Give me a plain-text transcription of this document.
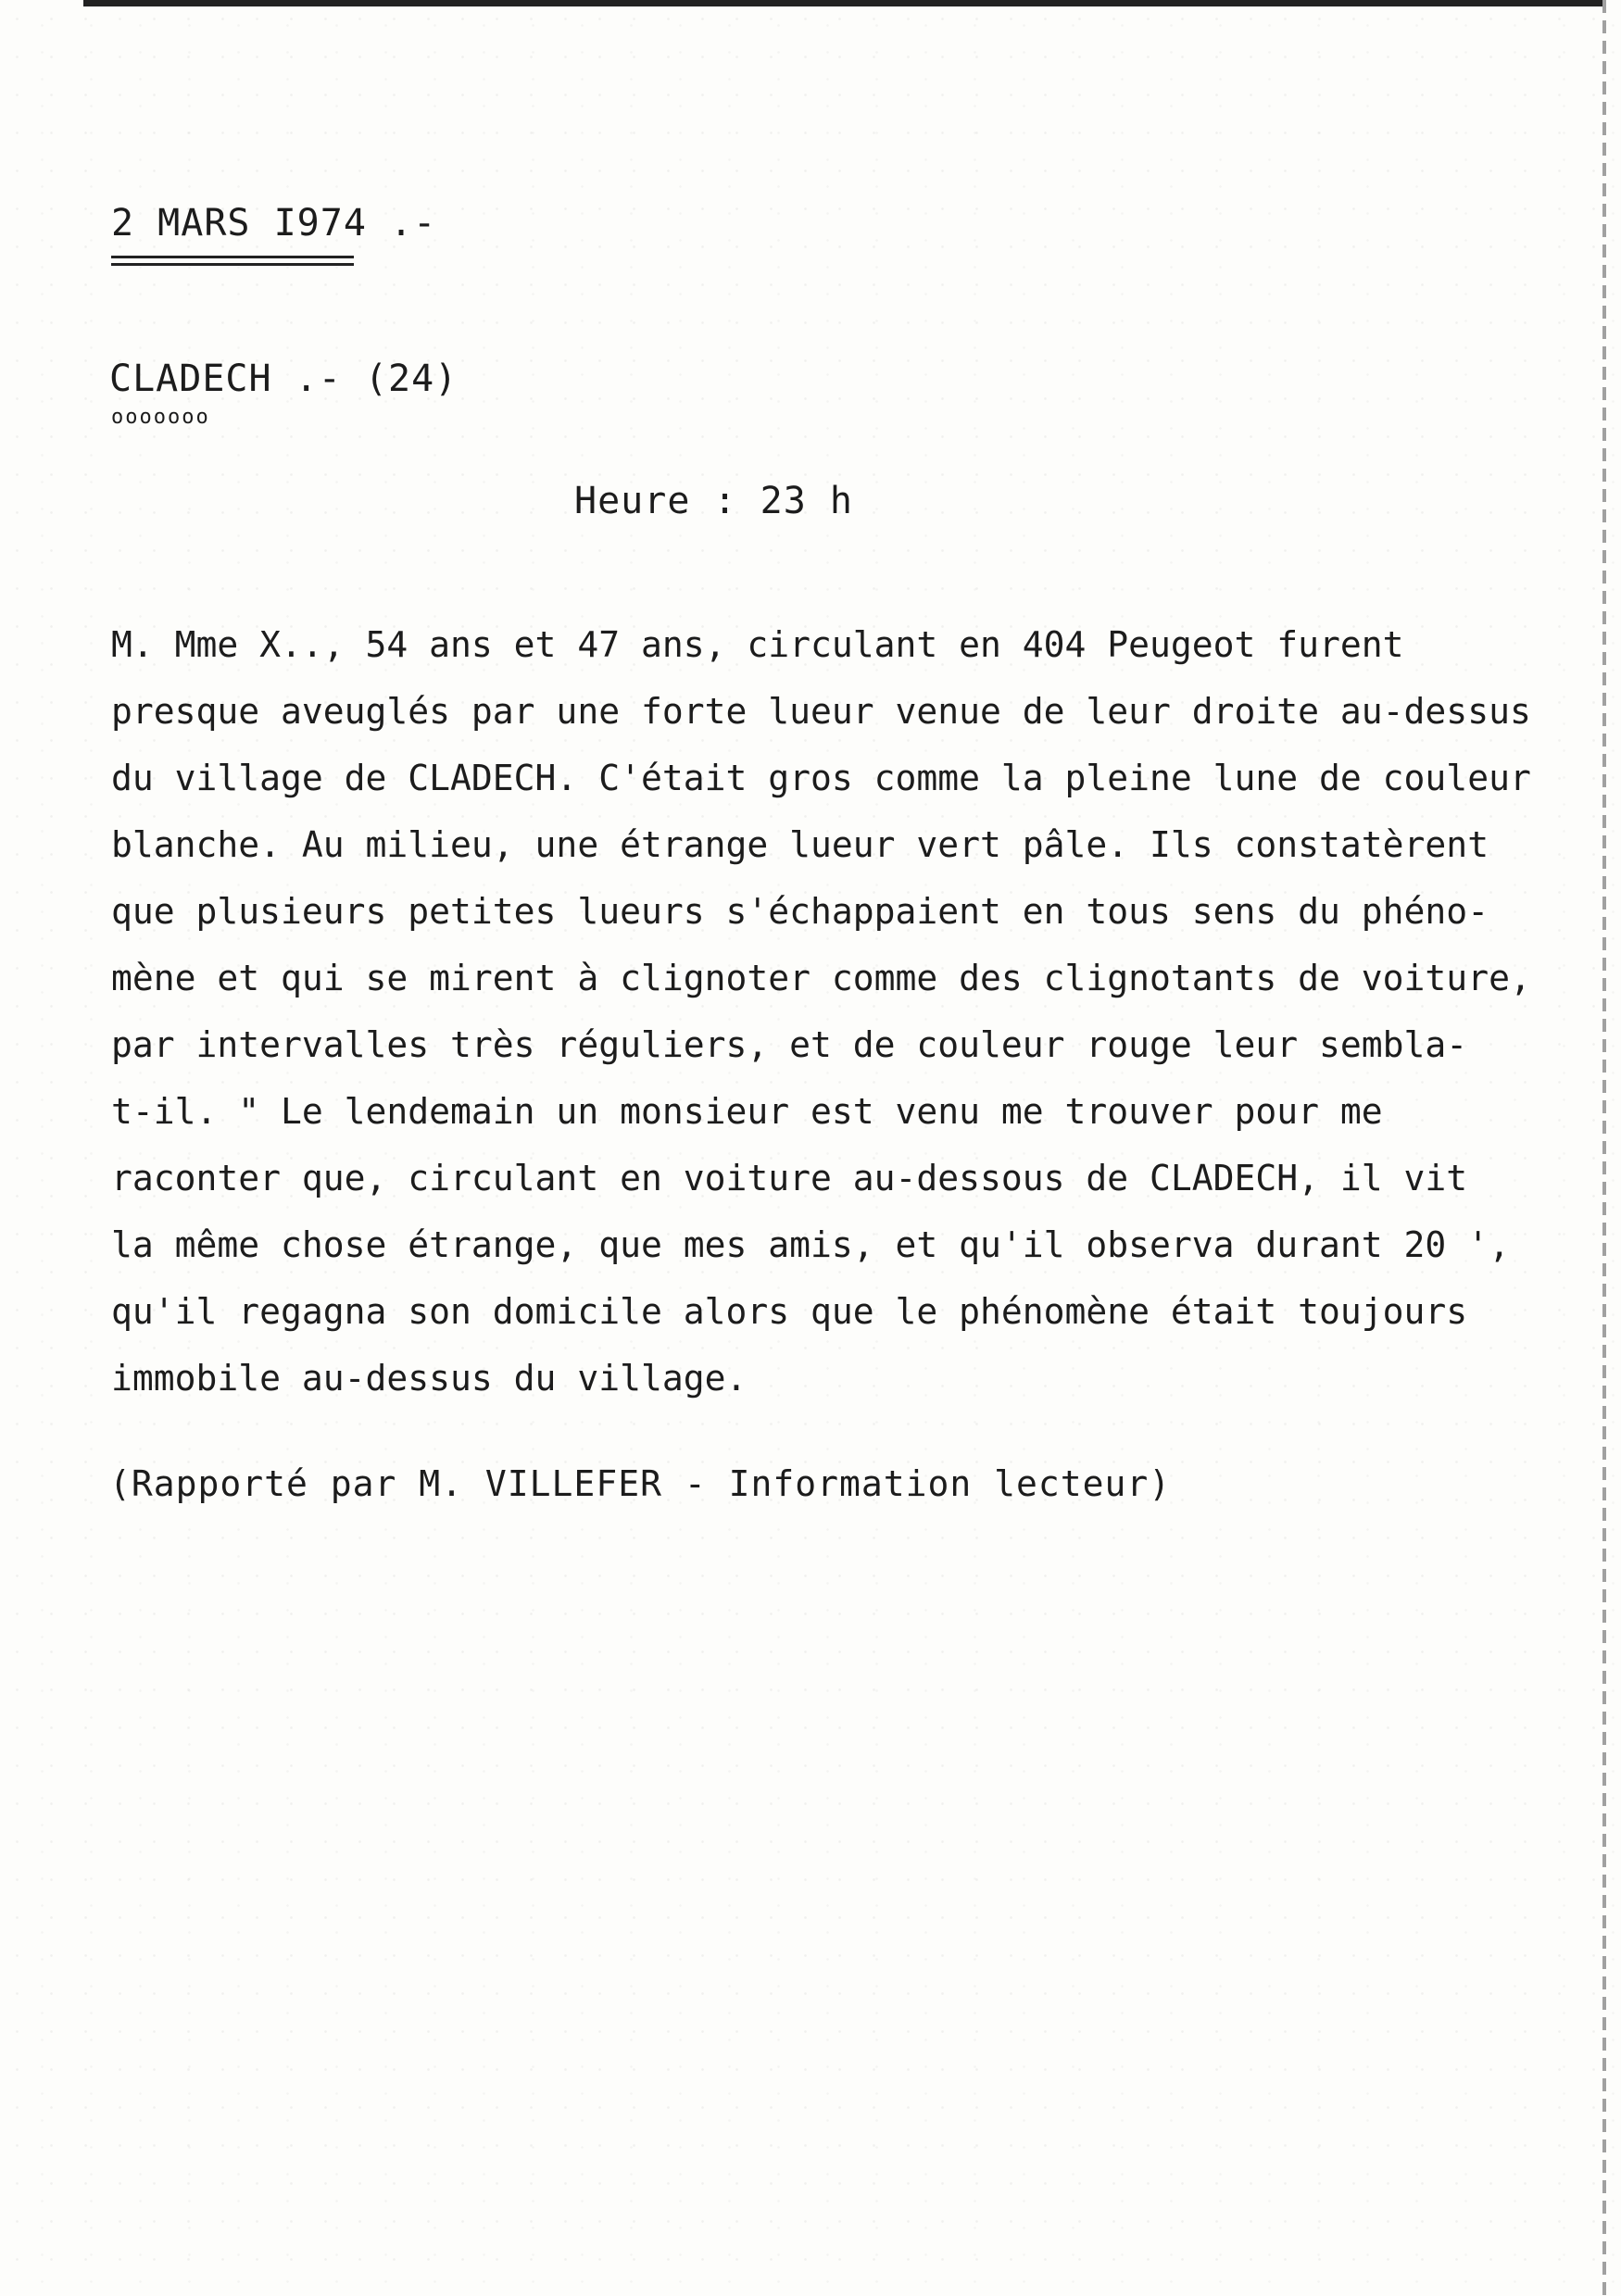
2 MARS I974 .-
CLADECH .- (24)
ooooooo
Heure : 23 h
M. Mme X.., 54 ans et 47 ans, circulant en 404 Peugeot furent
presque aveuglés par une forte lueur venue de leur droite au-dessus
du village de CLADECH. C'était gros comme la pleine lune de couleur
blanche. Au milieu, une étrange lueur vert pâle. Ils constatèrent
que plusieurs petites lueurs s'échappaient en tous sens du phéno-
mène et qui se mirent à clignoter comme des clignotants de voiture,
par intervalles très réguliers, et de couleur rouge leur sembla-
t-il. " Le lendemain un monsieur est venu me trouver pour me
raconter que, circulant en voiture au-dessous de CLADECH, il vit
la même chose étrange, que mes amis, et qu'il observa durant 20 ',
qu'il regagna son domicile alors que le phénomène était toujours
immobile au-dessus du village.
(Rapporté par M. VILLEFER - Information lecteur)
